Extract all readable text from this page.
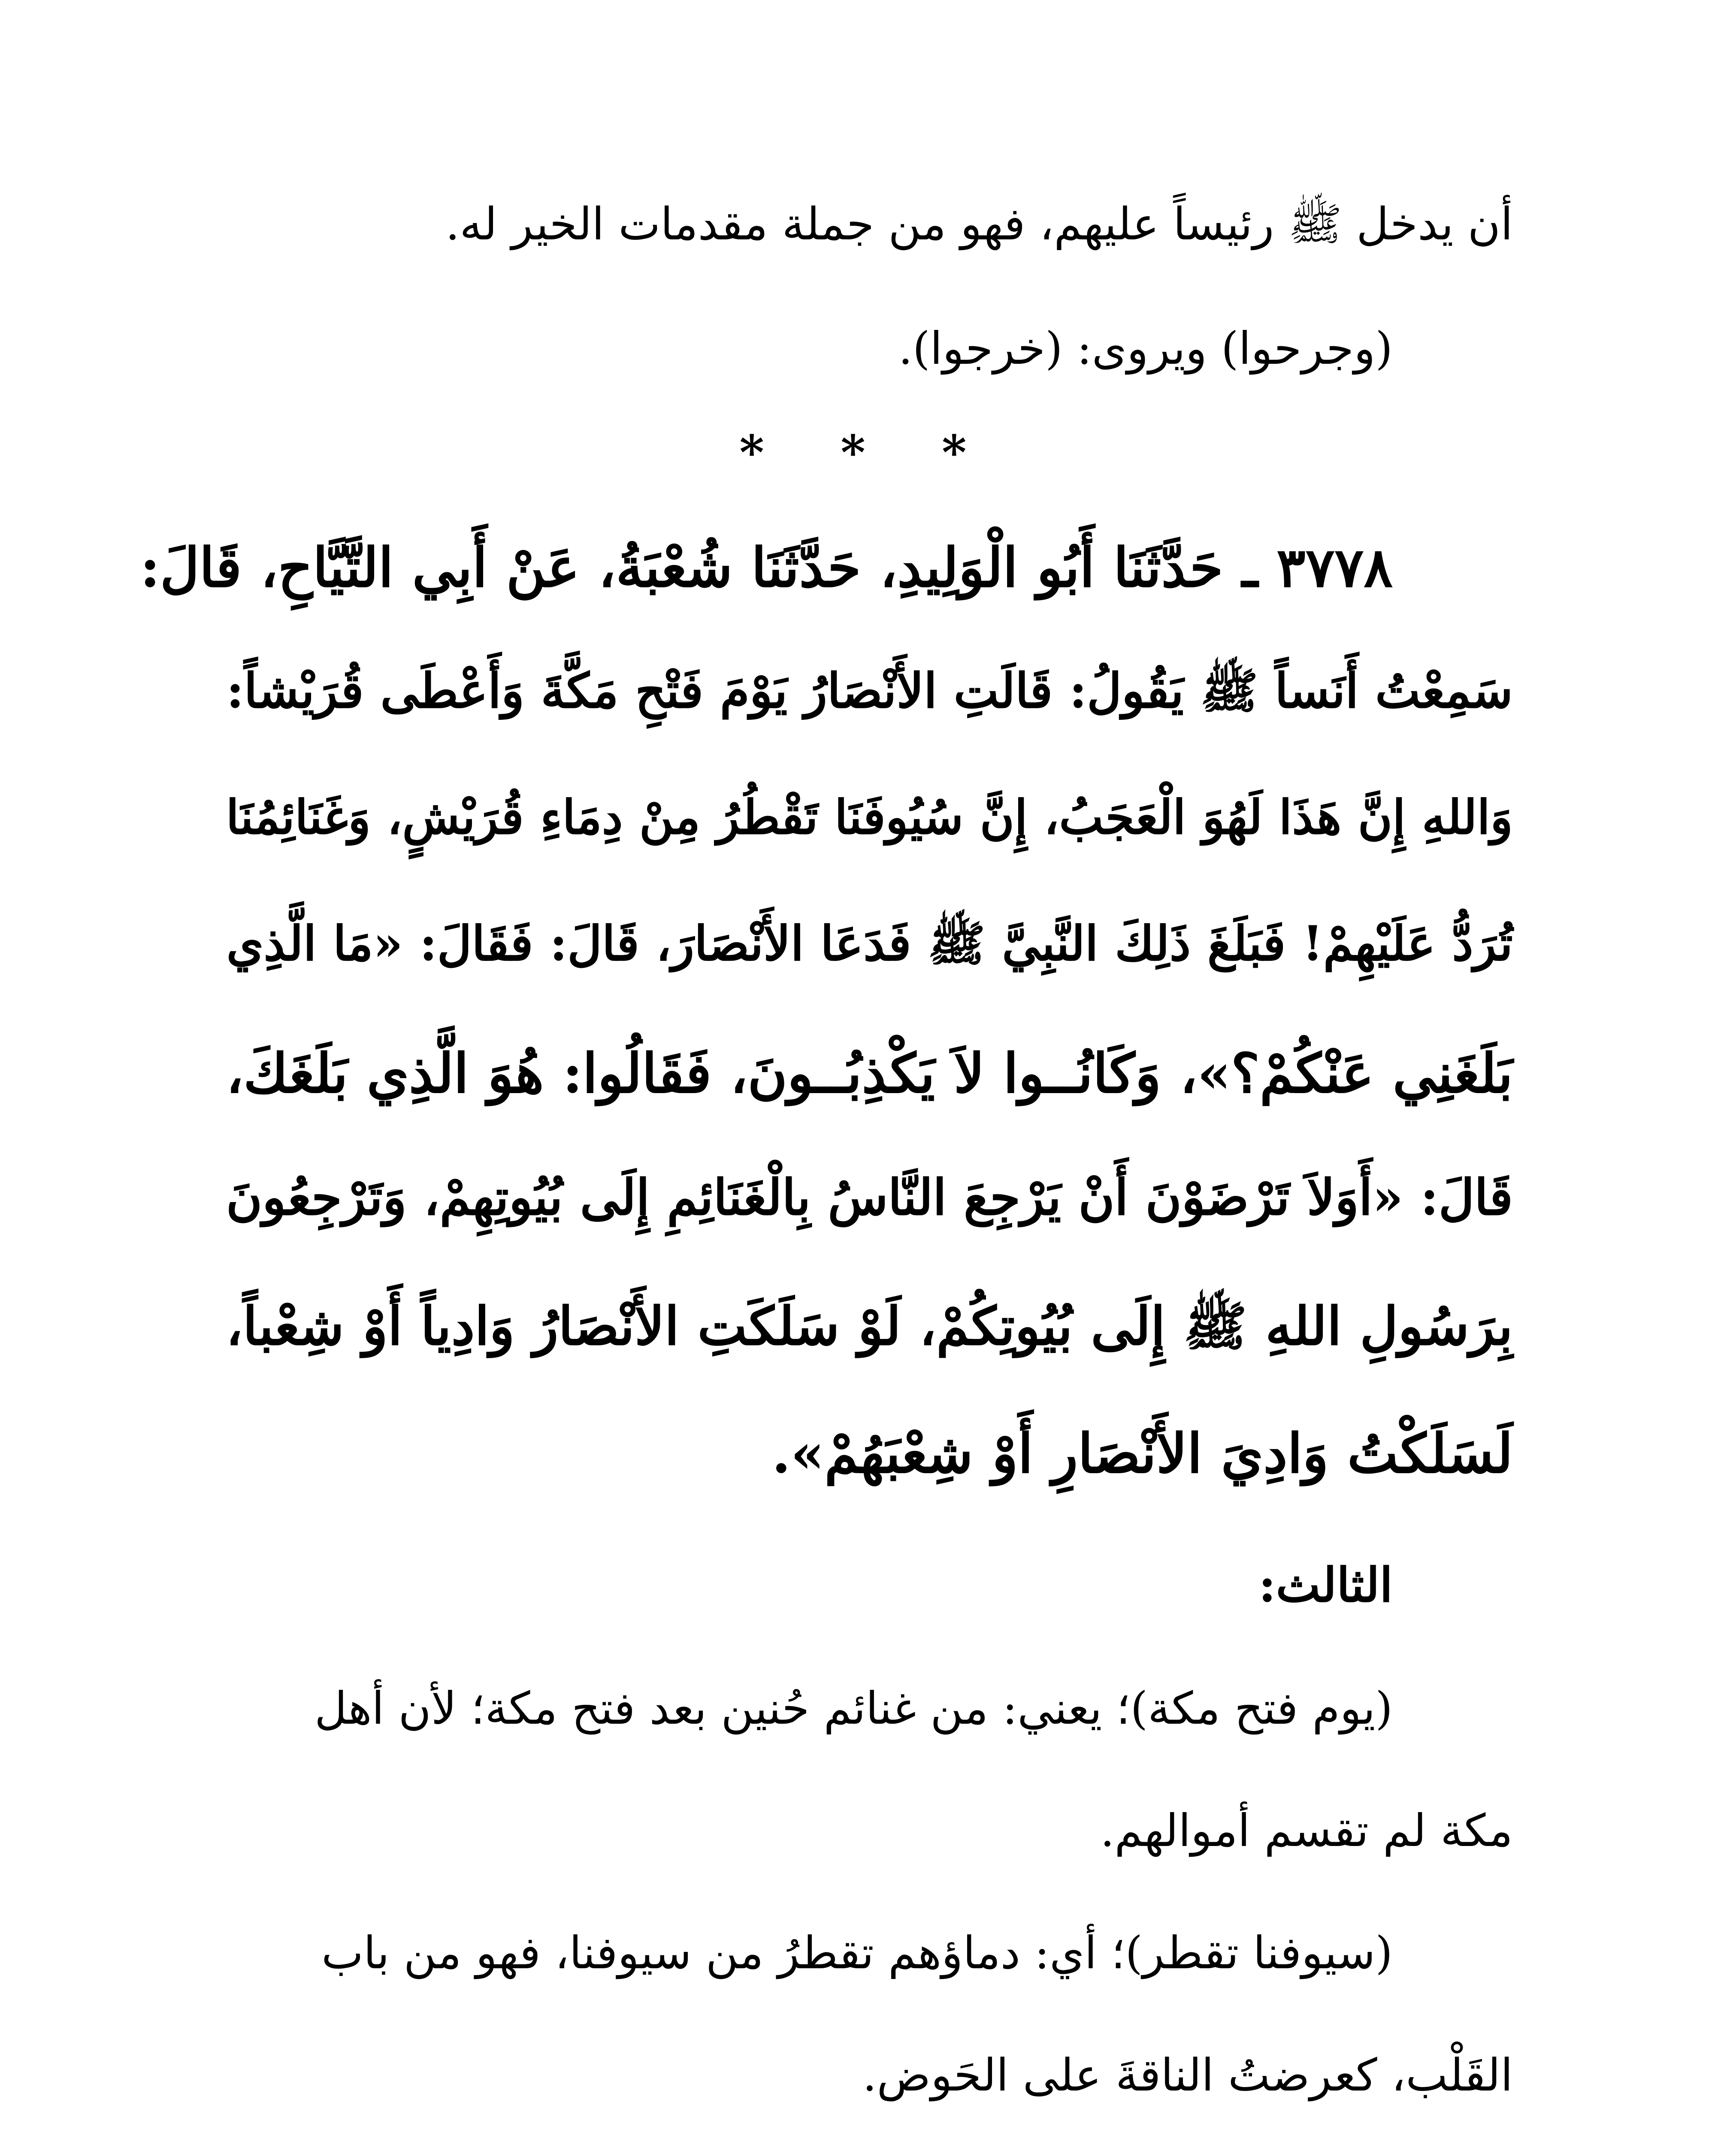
أن يدخل ﷺ رئيساً عليهم، فهو من جملة مقدمات الخير له.

(وجرحوا) ويروى: (خرجوا).

* * *

٣٧٧٨ ـ حَدَّثَنَا أَبُو الْوَلِيدِ، حَدَّثَنَا شُعْبَةُ، عَنْ أَبِي التَّيَّاحِ، قَالَ:

سَمِعْتُ أَنَساً ﷺ يَقُولُ: قَالَتِ الأَنْصَارُ يَوْمَ فَتْحِ مَكَّةَ وَأَعْطَى قُرَيْشاً:

وَاللهِ إِنَّ هَذَا لَهُوَ الْعَجَبُ، إِنَّ سُيُوفَنَا تَقْطُرُ مِنْ دِمَاءِ قُرَيْشٍ، وَغَنَائِمُنَا

تُرَدُّ عَلَيْهِمْ! فَبَلَغَ ذَلِكَ النَّبِيَّ ﷺ فَدَعَا الأَنْصَارَ، قَالَ: فَقَالَ: «مَا الَّذِي

بَلَغَنِي عَنْكُمْ؟»، وَكَانُــوا لاَ يَكْذِبُــونَ، فَقَالُوا: هُوَ الَّذِي بَلَغَكَ،

قَالَ: «أَوَلاَ تَرْضَوْنَ أَنْ يَرْجِعَ النَّاسُ بِالْغَنَائِمِ إِلَى بُيُوتِهِمْ، وَتَرْجِعُونَ

بِرَسُولِ اللهِ ﷺ إِلَى بُيُوتِكُمْ، لَوْ سَلَكَتِ الأَنْصَارُ وَادِياً أَوْ شِعْباً،

لَسَلَكْتُ وَادِيَ الأَنْصَارِ أَوْ شِعْبَهُمْ».

الثالث:

(يوم فتح مكة)؛ يعني: من غنائم حُنين بعد فتح مكة؛ لأن أهل

مكة لم تقسم أموالهم.

(سيوفنا تقطر)؛ أي: دماؤهم تقطرُ من سيوفنا، فهو من باب

القَلْب، كعرضتُ الناقةَ على الحَوض.
